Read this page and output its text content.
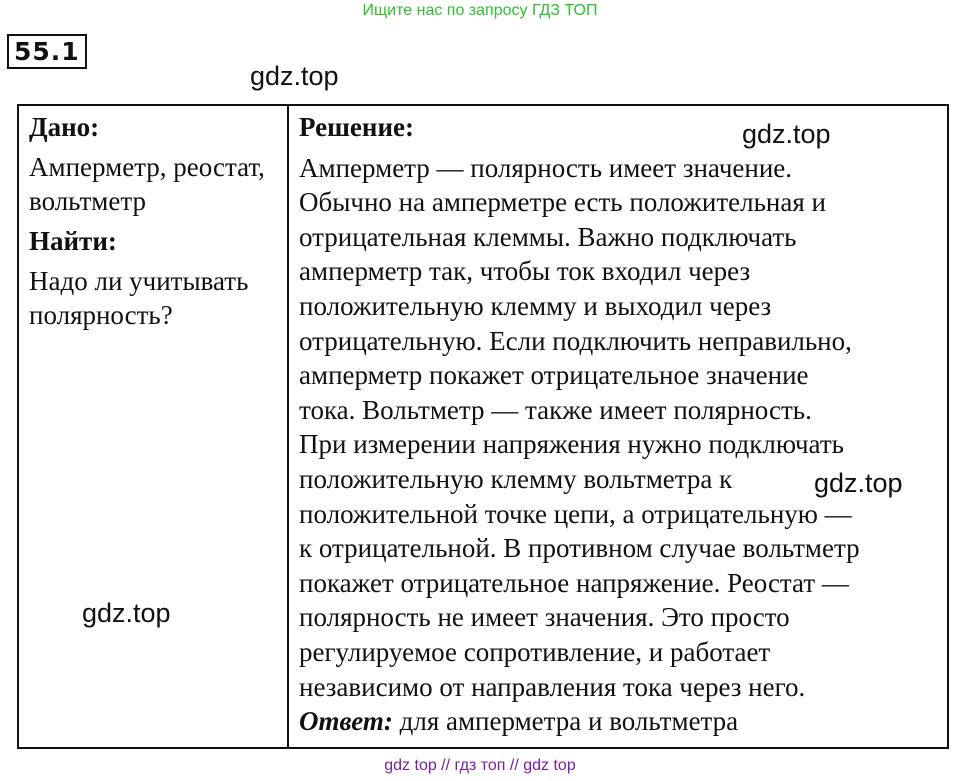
Ищите нас по запросу ГДЗ ТОП
55.1
Дано:
Амперметр, реостат, вольтметр
Найти:
Надо ли учитывать полярность?
Решение:
Амперметр — полярность имеет значение.
Обычно на амперметре есть положительная и
отрицательная клеммы. Важно подключать
амперметр так, чтобы ток входил через
положительную клемму и выходил через
отрицательную. Если подключить неправильно,
амперметр покажет отрицательное значение
тока. Вольтметр — также имеет полярность.
При измерении напряжения нужно подключать
положительную клемму вольтметра к
положительной точке цепи, а отрицательную —
к отрицательной. В противном случае вольтметр
покажет отрицательное напряжение. Реостат —
полярность не имеет значения. Это просто
регулируемое сопротивление, и работает
независимо от направления тока через него.
Ответ: для амперметра и вольтметра
gdz.top
gdz.top
gdz.top
gdz.top
gdz top // гдз топ // gdz top
